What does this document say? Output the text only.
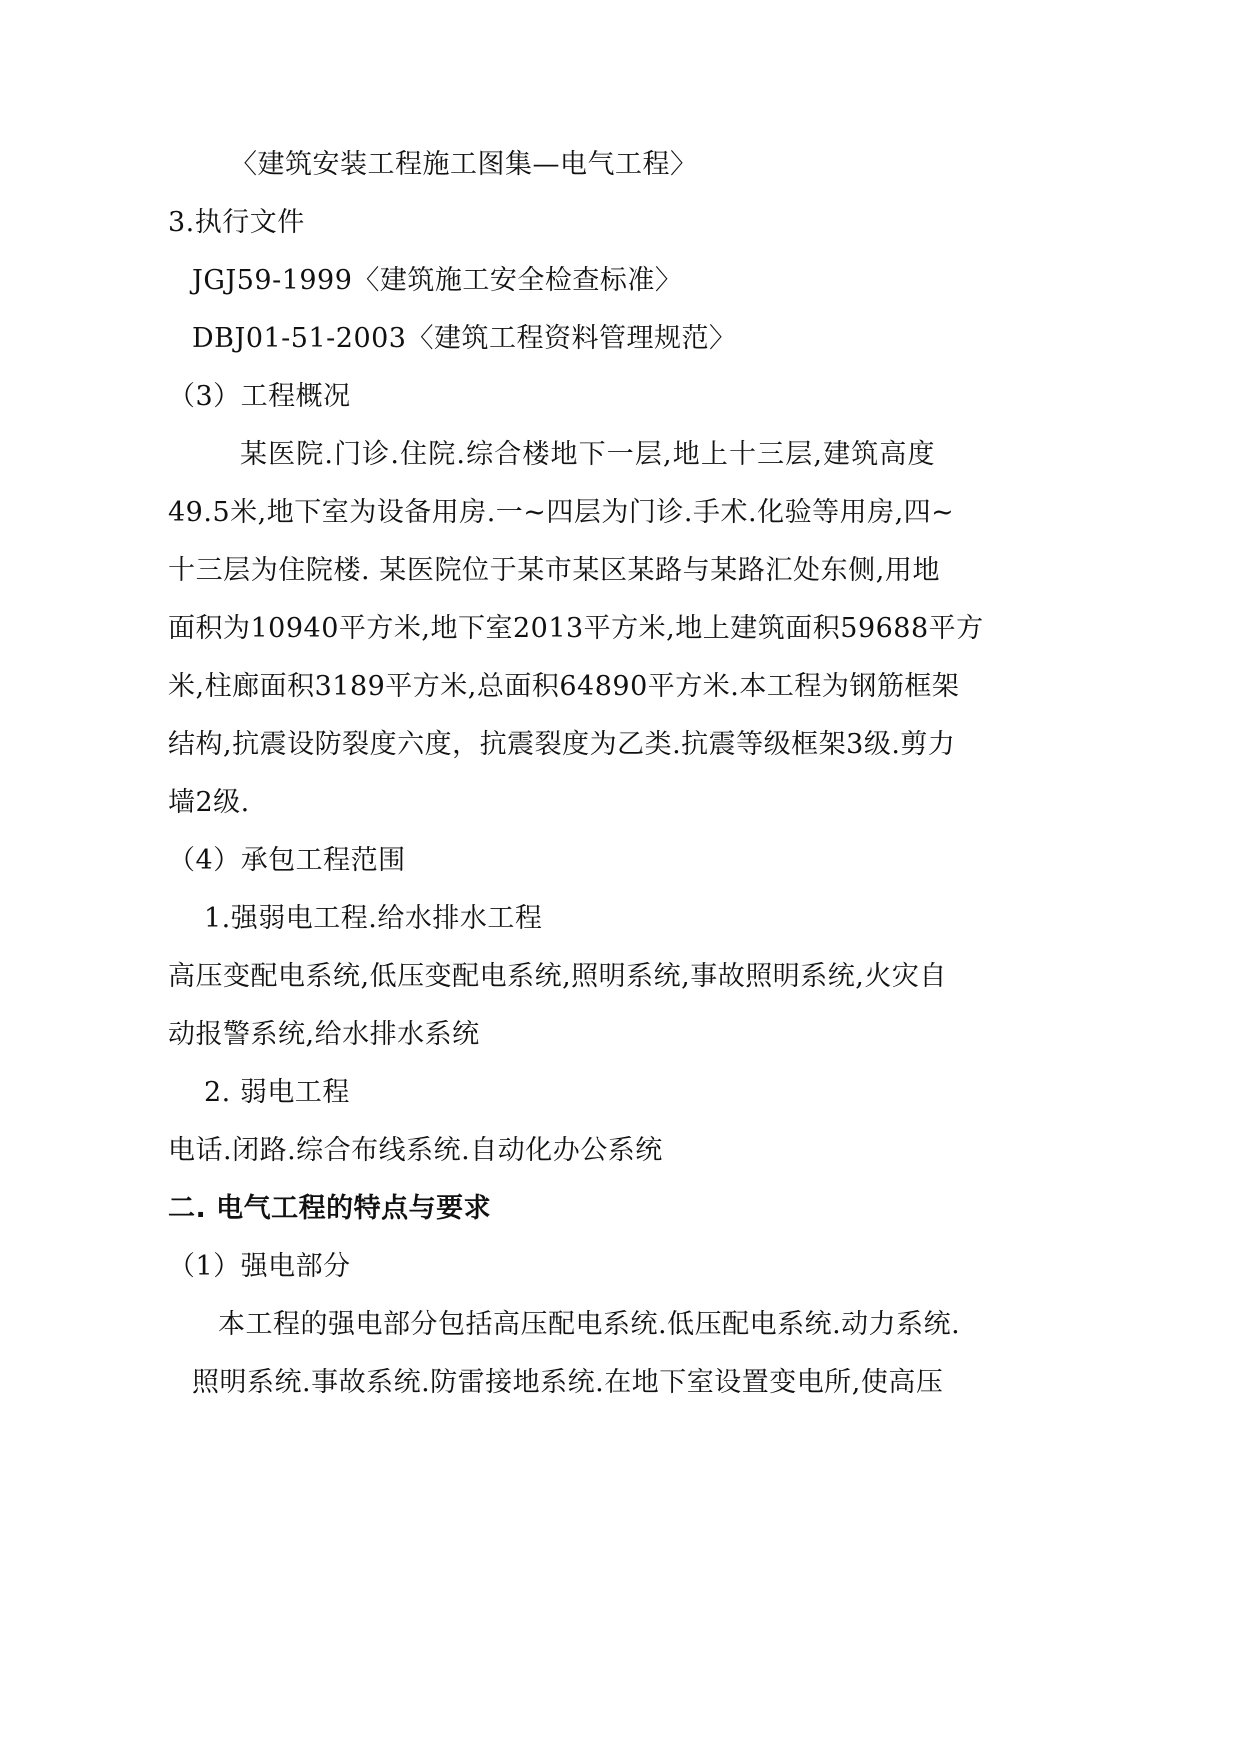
〈建筑安装工程施工图集—电气工程〉
3.执行文件
JGJ59-1999〈建筑施工安全检查标准〉
DBJ01-51-2003〈建筑工程资料管理规范〉
（3）工程概况
某医院.门诊.住院.综合楼地下一层,地上十三层,建筑高度
49.5米,地下室为设备用房.一~四层为门诊.手术.化验等用房,四~
十三层为住院楼. 某医院位于某市某区某路与某路汇处东侧,用地
面积为10940平方米,地下室2013平方米,地上建筑面积59688平方
米,柱廊面积3189平方米,总面积64890平方米.本工程为钢筋框架
结构,抗震设防裂度六度，抗震裂度为乙类.抗震等级框架3级.剪力
墙2级.
（4）承包工程范围
1.强弱电工程.给水排水工程
高压变配电系统,低压变配电系统,照明系统,事故照明系统,火灾自
动报警系统,给水排水系统
2. 弱电工程
电话.闭路.综合布线系统.自动化办公系统
二. 电气工程的特点与要求
（1）强电部分
本工程的强电部分包括高压配电系统.低压配电系统.动力系统.
照明系统.事故系统.防雷接地系统.在地下室设置变电所,使高压
